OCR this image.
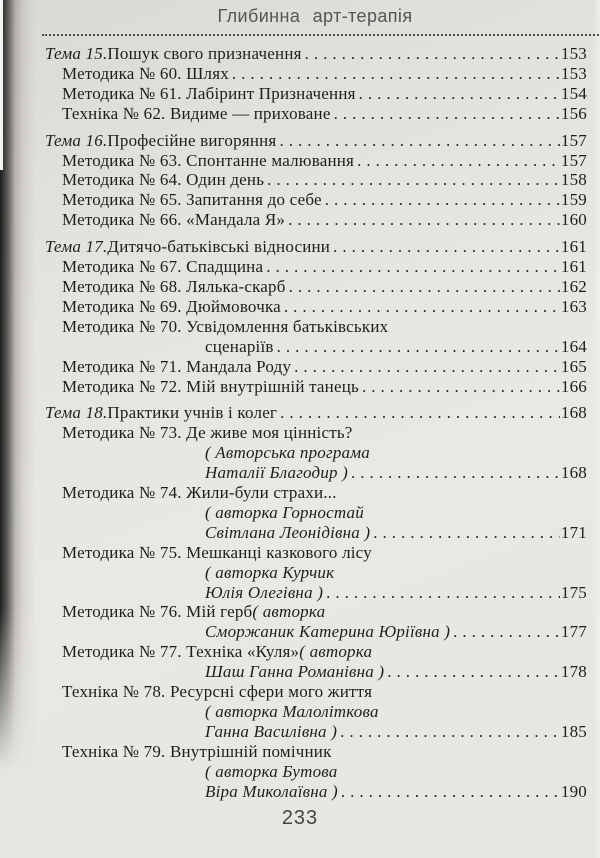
Глибинна арт-терапія
Тема 15. Пошук свого призначення .....	153
Методика № 60. Шлях .....	153
Методика № 61. Лабіринт Призначення .....	154
Техніка № 62. Видиме — приховане .....	156
Тема 16. Професійне вигоряння .....	157
Методика № 63. Спонтанне малювання .....	157
Методика № 64. Один день .....	158
Методика № 65. Запитання до себе .....	159
Методика № 66. «Мандала Я» .....	160
Тема 17. Дитячо-батьківські відносини .....	161
Методика № 67. Спадщина .....	161
Методика № 68. Лялька-скарб .....	162
Методика № 69. Дюймовочка .....	163
Методика № 70. Усвідомлення батьківських
сценаріїв .....	164
Методика № 71. Мандала Роду .....	165
Методика № 72. Мій внутрішній танець .....	166
Тема 18. Практики учнів і колег .....	168
Методика № 73. Де живе моя цінність?
( Авторська програма
Наталії Благодир ) .....	168
Методика № 74. Жили-були страхи...
( авторка Горностай
Світлана Леонідівна ) .....	171
Методика № 75. Мешканці казкового лісу
( авторка Курчик
Юлія Олегівна ) .....	175
Методика № 76. Мій герб ( авторка
Сморжаник Катерина Юріївна ) .....	177
Методика № 77. Техніка «Куля» ( авторка
Шаш Ганна Романівна ) .....	178
Техніка № 78. Ресурсні сфери мого життя
( авторка Малоліткова
Ганна Василівна ) .....	185
Техніка № 79. Внутрішній помічник
( авторка Бутова
Віра Миколаївна ) .....	190
233
